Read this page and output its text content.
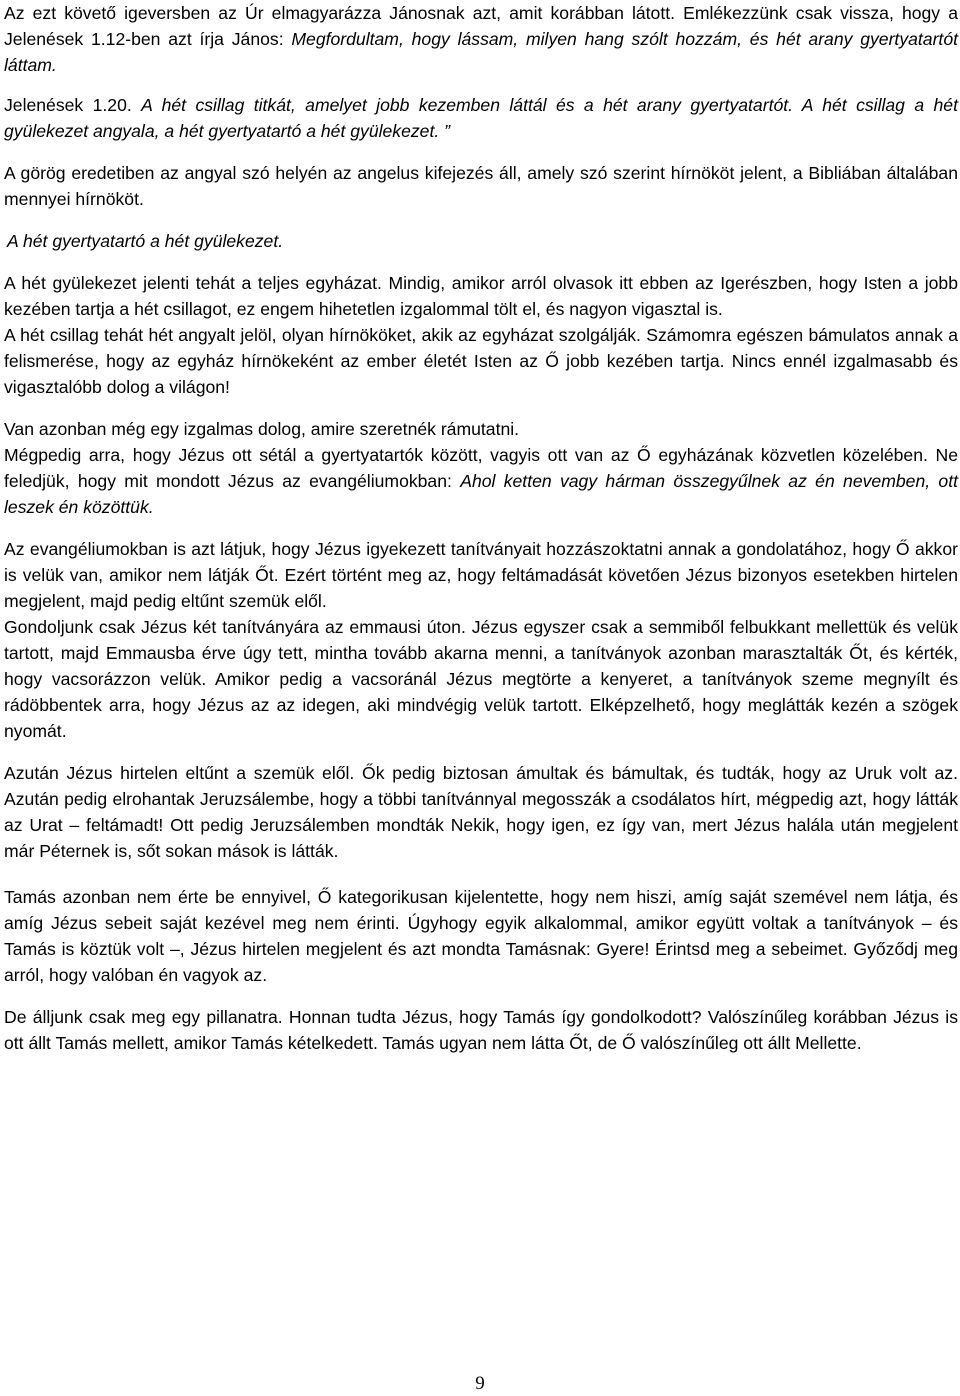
Az ezt követő igeversben az Úr elmagyarázza Jánosnak azt, amit korábban látott. Emlékezzünk csak vissza, hogy a Jelenések 1.12-ben azt írja János: Megfordultam, hogy lássam, milyen hang szólt hozzám, és hét arany gyertyatartót láttam.

Jelenések 1.20. A hét csillag titkát, amelyet jobb kezemben láttál és a hét arany gyertyatartót. A hét csillag a hét gyülekezet angyala, a hét gyertyatartó a hét gyülekezet. ”

A görög eredetiben az angyal szó helyén az angelus kifejezés áll, amely szó szerint hírnököt jelent, a Bibliában általában mennyei hírnököt.

A hét gyertyatartó a hét gyülekezet.

A hét gyülekezet jelenti tehát a teljes egyházat. Mindig, amikor arról olvasok itt ebben az Igerészben, hogy Isten a jobb kezében tartja a hét csillagot, ez engem hihetetlen izgalommal tölt el, és nagyon vigasztal is.

A hét csillag tehát hét angyalt jelöl, olyan hírnököket, akik az egyházat szolgálják. Számomra egészen bámulatos annak a felismerése, hogy az egyház hírnökeként az ember életét Isten az Ő jobb kezében tartja. Nincs ennél izgalmasabb és vigasztalóbb dolog a világon!

Van azonban még egy izgalmas dolog, amire szeretnék rámutatni.

Mégpedig arra, hogy Jézus ott sétál a gyertyatartók között, vagyis ott van az Ő egyházának közvetlen közelében. Ne feledjük, hogy mit mondott Jézus az evangéliumokban: Ahol ketten vagy hárman összegyűlnek az én nevemben, ott leszek én közöttük.

Az evangéliumokban is azt látjuk, hogy Jézus igyekezett tanítványait hozzászoktatni annak a gondolatához, hogy Ő akkor is velük van, amikor nem látják Őt. Ezért történt meg az, hogy feltámadását követően Jézus bizonyos esetekben hirtelen megjelent, majd pedig eltűnt szemük elől.

Gondoljunk csak Jézus két tanítványára az emmausi úton. Jézus egyszer csak a semmiből felbukkant mellettük és velük tartott, majd Emmausba érve úgy tett, mintha tovább akarna menni, a tanítványok azonban marasztalták Őt, és kérték, hogy vacsorázzon velük. Amikor pedig a vacsoránál Jézus megtörte a kenyeret, a tanítványok szeme megnyílt és rádöbbentek arra, hogy Jézus az az idegen, aki mindvégig velük tartott. Elképzelhető, hogy meglátták kezén a szögek nyomát.

Azután Jézus hirtelen eltűnt a szemük elől. Ők pedig biztosan ámultak és bámultak, és tudták, hogy az Uruk volt az. Azután pedig elrohantak Jeruzsálembe, hogy a többi tanítvánnyal megosszák a csodálatos hírt, mégpedig azt, hogy látták az Urat – feltámadt! Ott pedig Jeruzsálemben mondták Nekik, hogy igen, ez így van, mert Jézus halála után megjelent már Péternek is, sőt sokan mások is látták.

Tamás azonban nem érte be ennyivel, Ő kategorikusan kijelentette, hogy nem hiszi, amíg saját szemével nem látja, és amíg Jézus sebeit saját kezével meg nem érinti. Úgyhogy egyik alkalommal, amikor együtt voltak a tanítványok – és Tamás is köztük volt –, Jézus hirtelen megjelent és azt mondta Tamásnak: Gyere! Érintsd meg a sebeimet. Győződj meg arról, hogy valóban én vagyok az.

De álljunk csak meg egy pillanatra. Honnan tudta Jézus, hogy Tamás így gondolkodott? Valószínűleg korábban Jézus is ott állt Tamás mellett, amikor Tamás kételkedett. Tamás ugyan nem látta Őt, de Ő valószínűleg ott állt Mellette.

9
